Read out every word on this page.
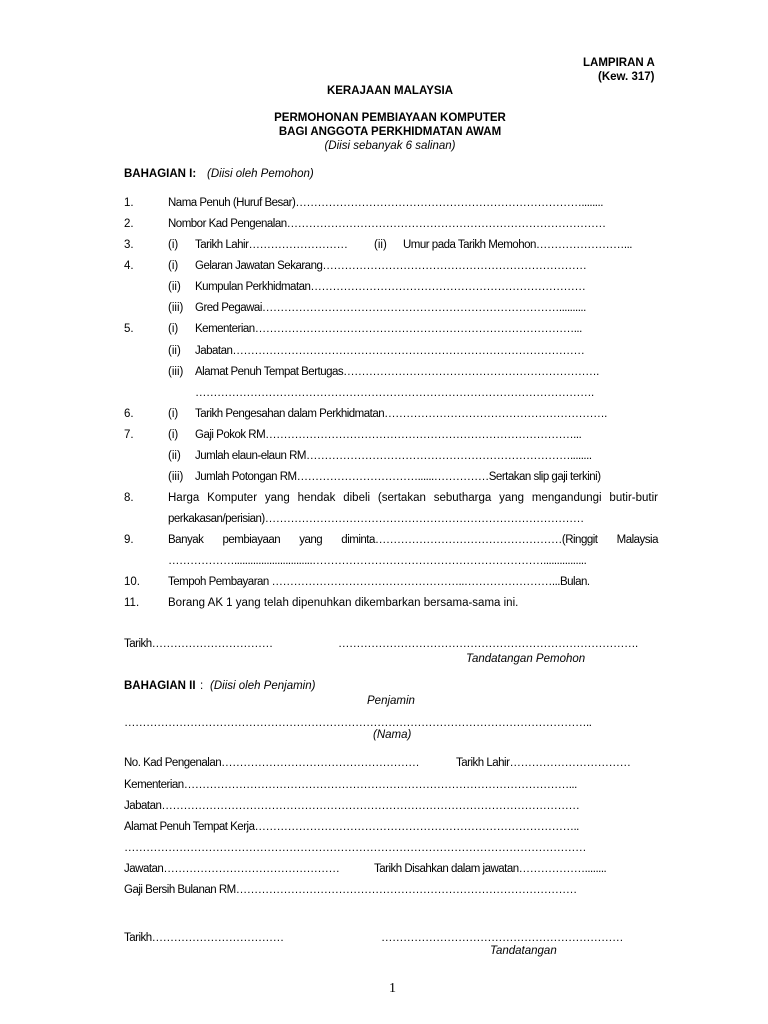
LAMPIRAN A
(Kew. 317)
KERAJAAN MALAYSIA
PERMOHONAN PEMBIAYAAN KOMPUTER
BAGI ANGGOTA PERKHIDMATAN AWAM
(Diisi sebanyak 6 salinan)
BAHAGIAN I: (Diisi oleh Pemohon)
1.	Nama Penuh (Huruf Besar)……………………………………………………………………........
2.	Nombor Kad Pengenalan……………………………………………………………………………
3.	(i) Tarikh Lahir……………………… (ii) Umur pada Tarikh Memohon……………………...
4.	(i) Gelaran Jawatan Sekarang………………………………………………………………
(ii) Kumpulan Perkhidmatan…………………………………………………………………
(iii) Gred Pegawai………………………………………………………………………..........
5.	(i) Kementerian……………………………………………………………………………...
(ii) Jabatan……………………………………………………………………………………
(iii) Alamat Penuh Tempat Bertugas…………………………………………………………….
……………………………………………………………………………………………….
6.	(i) Tarikh Pengesahan dalam Perkhidmatan…………………………………………………….
7.	(i) Gaji Pokok RM…………………………………………………………………………...
(ii) Jumlah elaun-elaun RM………………………………………………………………........
(iii) Jumlah Potongan RM……………………………......……………Sertakan slip gaji terkini)
8.	Harga Komputer yang hendak dibeli (sertakan sebutharga yang mengandungi butir-butir
perkakasan/perisian)……………………………………………………………………………
9.	Banyak pembiayaan yang diminta……………………………………………(Ringgit Malaysia
……………….............................………………………………………………………................
10. Tempoh Pembayaran ……………………………………………..……………………...Bulan.
11.	Borang AK 1 yang telah dipenuhkan dikembarkan bersama-sama ini.
Tarikh……………………………	……………………………………………………………………….
Tandatangan Pemohon
BAHAGIAN II : (Diisi oleh Penjamin)
Penjamin
………………………………………………………………………………………………………………..
(Nama)
No. Kad Pengenalan………………………………………………	Tarikh Lahir……………………………
Kementerian……………………………………………………………………………………………...
Jabatan……………………………………………………………………………………………………
Alamat Penuh Tempat Kerja……………………………………………………………………………..
………………………………………………………………………………………………………………
Jawatan…………………………………………	Tarikh Disahkan dalam jawatan………………........
Gaji Bersih Bulanan RM…………………………………………………………………………………
Tarikh………………………………	…………………………………………………………
Tandatangan
1
